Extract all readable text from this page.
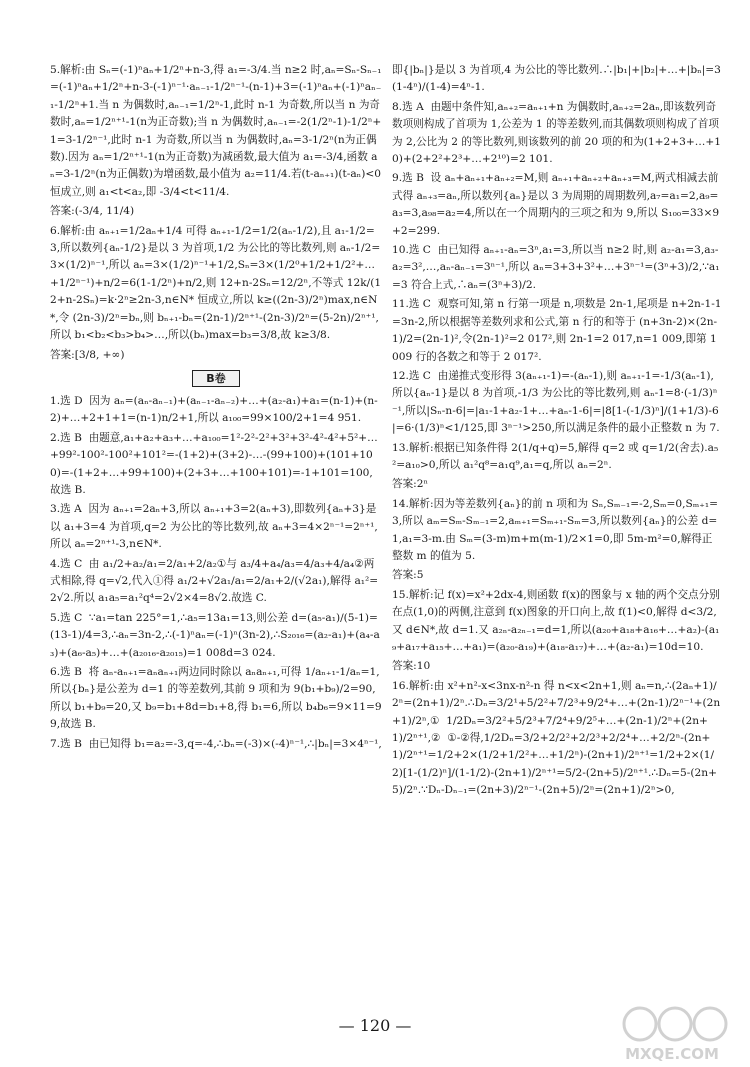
5.解析:由 Sₙ=(-1)ⁿaₙ+1/2ⁿ+n-3,得 a₁=-3/4.当 n≥2 时,aₙ=Sₙ-Sₙ₋₁=(-1)ⁿaₙ+1/2ⁿ+n-3-(-1)ⁿ⁻¹·aₙ₋₁-1/2ⁿ⁻¹-(n-1)+3=(-1)ⁿaₙ+(-1)ⁿaₙ₋₁-1/2ⁿ+1.当 n 为偶数时,aₙ₋₁=1/2ⁿ-1,此时 n-1 为奇数,所以当 n 为奇数时,aₙ=1/2ⁿ⁺¹-1(n为正奇数);当 n 为偶数时,aₙ₋₁=-2(1/2ⁿ-1)-1/2ⁿ+1=3-1/2ⁿ⁻¹,此时 n-1 为奇数,所以当 n 为偶数时,aₙ=3-1/2ⁿ(n为正偶数).因为 aₙ=1/2ⁿ⁺¹-1(n为正奇数)为减函数,最大值为 a₁=-3/4,函数 aₙ=3-1/2ⁿ(n为正偶数)为增函数,最小值为 a₂=11/4.若(t-aₙ₊₁)(t-aₙ)<0 恒成立,则 a₁<t<a₂,即 -3/4<t<11/4.
答案:(-3/4, 11/4)
6.解析:由 aₙ₊₁=1/2aₙ+1/4 可得 aₙ₊₁-1/2=1/2(aₙ-1/2),且 a₁-1/2=3,所以数列{aₙ-1/2}是以 3 为首项,1/2 为公比的等比数列,则 aₙ-1/2=3×(1/2)ⁿ⁻¹,所以 aₙ=3×(1/2)ⁿ⁻¹+1/2,Sₙ=3×(1/2⁰+1/2+1/2²+…+1/2ⁿ⁻¹)+n/2=6(1-1/2ⁿ)+n/2,则 12+n-2Sₙ=12/2ⁿ,不等式 12k/(12+n-2Sₙ)=k·2ⁿ≥2n-3,n∈N* 恒成立,所以 k≥((2n-3)/2ⁿ)max,n∈N*,令 (2n-3)/2ⁿ=bₙ,则 bₙ₊₁-bₙ=(2n-1)/2ⁿ⁺¹-(2n-3)/2ⁿ=(5-2n)/2ⁿ⁺¹,所以 b₁<b₂<b₃>b₄>…,所以(bₙ)max=b₃=3/8,故 k≥3/8.
答案:[3/8, +∞)
B卷
1.选 D  因为 aₙ=(aₙ-aₙ₋₁)+(aₙ₋₁-aₙ₋₂)+…+(a₂-a₁)+a₁=(n-1)+(n-2)+…+2+1+1=(n-1)n/2+1,所以 a₁₀₀=99×100/2+1=4 951.
2.选 B  由题意,a₁+a₂+a₃+…+a₁₀₀=1²-2²-2²+3²+3²-4²-4²+5²+…+99²-100²-100²+101²=-(1+2)+(3+2)-…-(99+100)+(101+100)=-(1+2+…+99+100)+(2+3+…+100+101)=-1+101=100,故选 B.
3.选 A  因为 aₙ₊₁=2aₙ+3,所以 aₙ₊₁+3=2(aₙ+3),即数列{aₙ+3}是以 a₁+3=4 为首项,q=2 为公比的等比数列,故 aₙ+3=4×2ⁿ⁻¹=2ⁿ⁺¹,所以 aₙ=2ⁿ⁺¹-3,n∈N*.
4.选 C  由 a₁/2+a₂/a₁=2/a₁+2/a₂①与 a₃/4+a₄/a₃=4/a₃+4/a₄②两式相除,得 q=√2,代入①得 a₁/2+√2a₁/a₁=2/a₁+2/(√2a₁),解得 a₁²=2√2.所以 a₁a₅=a₁²q⁴=2√2×4=8√2.故选 C.
5.选 C  ∵a₁=tan 225°=1,∴a₅=13a₁=13,则公差 d=(a₅-a₁)/(5-1)=(13-1)/4=3,∴aₙ=3n-2,∴(-1)ⁿaₙ=(-1)ⁿ(3n-2),∴S₂₀₁₆=(a₂-a₁)+(a₄-a₃)+(a₆-a₅)+…+(a₂₀₁₆-a₂₀₁₅)=1 008d=3 024.
6.选 B  将 aₙ-aₙ₊₁=aₙaₙ₊₁两边同时除以 aₙaₙ₊₁,可得 1/aₙ₊₁-1/aₙ=1,所以{bₙ}是公差为 d=1 的等差数列,其前 9 项和为 9(b₁+b₉)/2=90,所以 b₁+b₉=20,又 b₉=b₁+8d=b₁+8,得 b₁=6,所以 b₄b₆=9×11=99,故选 B.
7.选 B  由已知得 b₁=a₂=-3,q=-4,∴bₙ=(-3)×(-4)ⁿ⁻¹,∴|bₙ|=3×4ⁿ⁻¹,
即{|bₙ|}是以 3 为首项,4 为公比的等比数列.∴|b₁|+|b₂|+…+|bₙ|=3(1-4ⁿ)/(1-4)=4ⁿ-1.
8.选 A  由题中条件知,aₙ₊₂=aₙ₊₁+n 为偶数时,aₙ₊₂=2aₙ,即该数列奇数项则构成了首项为 1,公差为 1 的等差数列,而其偶数项则构成了首项为 2,公比为 2 的等比数列,则该数列的前 20 项的和为(1+2+3+…+10)+(2+2²+2³+…+2¹⁰)=2 101.
9.选 B  设 aₙ+aₙ₊₁+aₙ₊₂=M,则 aₙ₊₁+aₙ₊₂+aₙ₊₃=M,两式相减去前式得 aₙ₊₃=aₙ,所以数列{aₙ}是以 3 为周期的周期数列,a₇=a₁=2,a₉=a₃=3,a₉₈=a₂=4,所以在一个周期内的三项之和为 9,所以 S₁₀₀=33×9+2=299.
10.选 C  由已知得 aₙ₊₁-aₙ=3ⁿ,a₁=3,所以当 n≥2 时,则 a₂-a₁=3,a₃-a₂=3²,…,aₙ-aₙ₋₁=3ⁿ⁻¹,所以 aₙ=3+3+3²+…+3ⁿ⁻¹=(3ⁿ+3)/2,∵a₁=3 符合上式,∴aₙ=(3ⁿ+3)/2.
11.选 C  观察可知,第 n 行第一项是 n,项数是 2n-1,尾项是 n+2n-1-1=3n-2,所以根据等差数列求和公式,第 n 行的和等于 (n+3n-2)×(2n-1)/2=(2n-1)²,令(2n-1)²=2 017²,则 2n-1=2 017,n=1 009,即第 1 009 行的各数之和等于 2 017².
12.选 C  由递推式变形得 3(aₙ₊₁-1)=-(aₙ-1),则 aₙ₊₁-1=-1/3(aₙ-1),所以{aₙ-1}是以 8 为首项,-1/3 为公比的等比数列,则 aₙ-1=8·(-1/3)ⁿ⁻¹,所以|Sₙ-n-6|=|a₁-1+a₂-1+…+aₙ-1-6|=|8[1-(-1/3)ⁿ]/(1+1/3)-6|=6·(1/3)ⁿ<1/125,即 3ⁿ⁻¹>250,所以满足条件的最小正整数 n 为 7.
13.解析:根据已知条件得 2(1/q+q)=5,解得 q=2 或 q=1/2(舍去).a₅²=a₁₀>0,所以 a₁²q⁸=a₁q⁹,a₁=q,所以 aₙ=2ⁿ.
答案:2ⁿ
14.解析:因为等差数列{aₙ}的前 n 项和为 Sₙ,Sₘ₋₁=-2,Sₘ=0,Sₘ₊₁=3,所以 aₘ=Sₘ-Sₘ₋₁=2,aₘ₊₁=Sₘ₊₁-Sₘ=3,所以数列{aₙ}的公差 d=1,a₁=3-m.由 Sₘ=(3-m)m+m(m-1)/2×1=0,即 5m-m²=0,解得正整数 m 的值为 5.
答案:5
15.解析:记 f(x)=x²+2dx-4,则函数 f(x)的图象与 x 轴的两个交点分别在点(1,0)的两侧,注意到 f(x)图象的开口向上,故 f(1)<0,解得 d<3/2,又 d∈N*,故 d=1.又 a₂ₙ-a₂ₙ₋₁=d=1,所以(a₂₀+a₁₈+a₁₆+…+a₂)-(a₁₉+a₁₇+a₁₅+…+a₁)=(a₂₀-a₁₉)+(a₁₈-a₁₇)+…+(a₂-a₁)=10d=10.
答案:10
16.解析:由 x²+n²-x<3nx-n²-n 得 n<x<2n+1,则 aₙ=n,∴(2aₙ+1)/2ⁿ=(2n+1)/2ⁿ.∴Dₙ=3/2¹+5/2²+7/2³+9/2⁴+…+(2n-1)/2ⁿ⁻¹+(2n+1)/2ⁿ,①  1/2Dₙ=3/2²+5/2³+7/2⁴+9/2⁵+…+(2n-1)/2ⁿ+(2n+1)/2ⁿ⁺¹,②  ①-②得,1/2Dₙ=3/2+2/2²+2/2³+2/2⁴+…+2/2ⁿ-(2n+1)/2ⁿ⁺¹=1/2+2×(1/2+1/2²+…+1/2ⁿ)-(2n+1)/2ⁿ⁺¹=1/2+2×(1/2)[1-(1/2)ⁿ]/(1-1/2)-(2n+1)/2ⁿ⁺¹=5/2-(2n+5)/2ⁿ⁺¹.∴Dₙ=5-(2n+5)/2ⁿ.∵Dₙ-Dₙ₋₁=(2n+3)/2ⁿ⁻¹-(2n+5)/2ⁿ=(2n+1)/2ⁿ>0,
— 120 —
MXQE.COM
